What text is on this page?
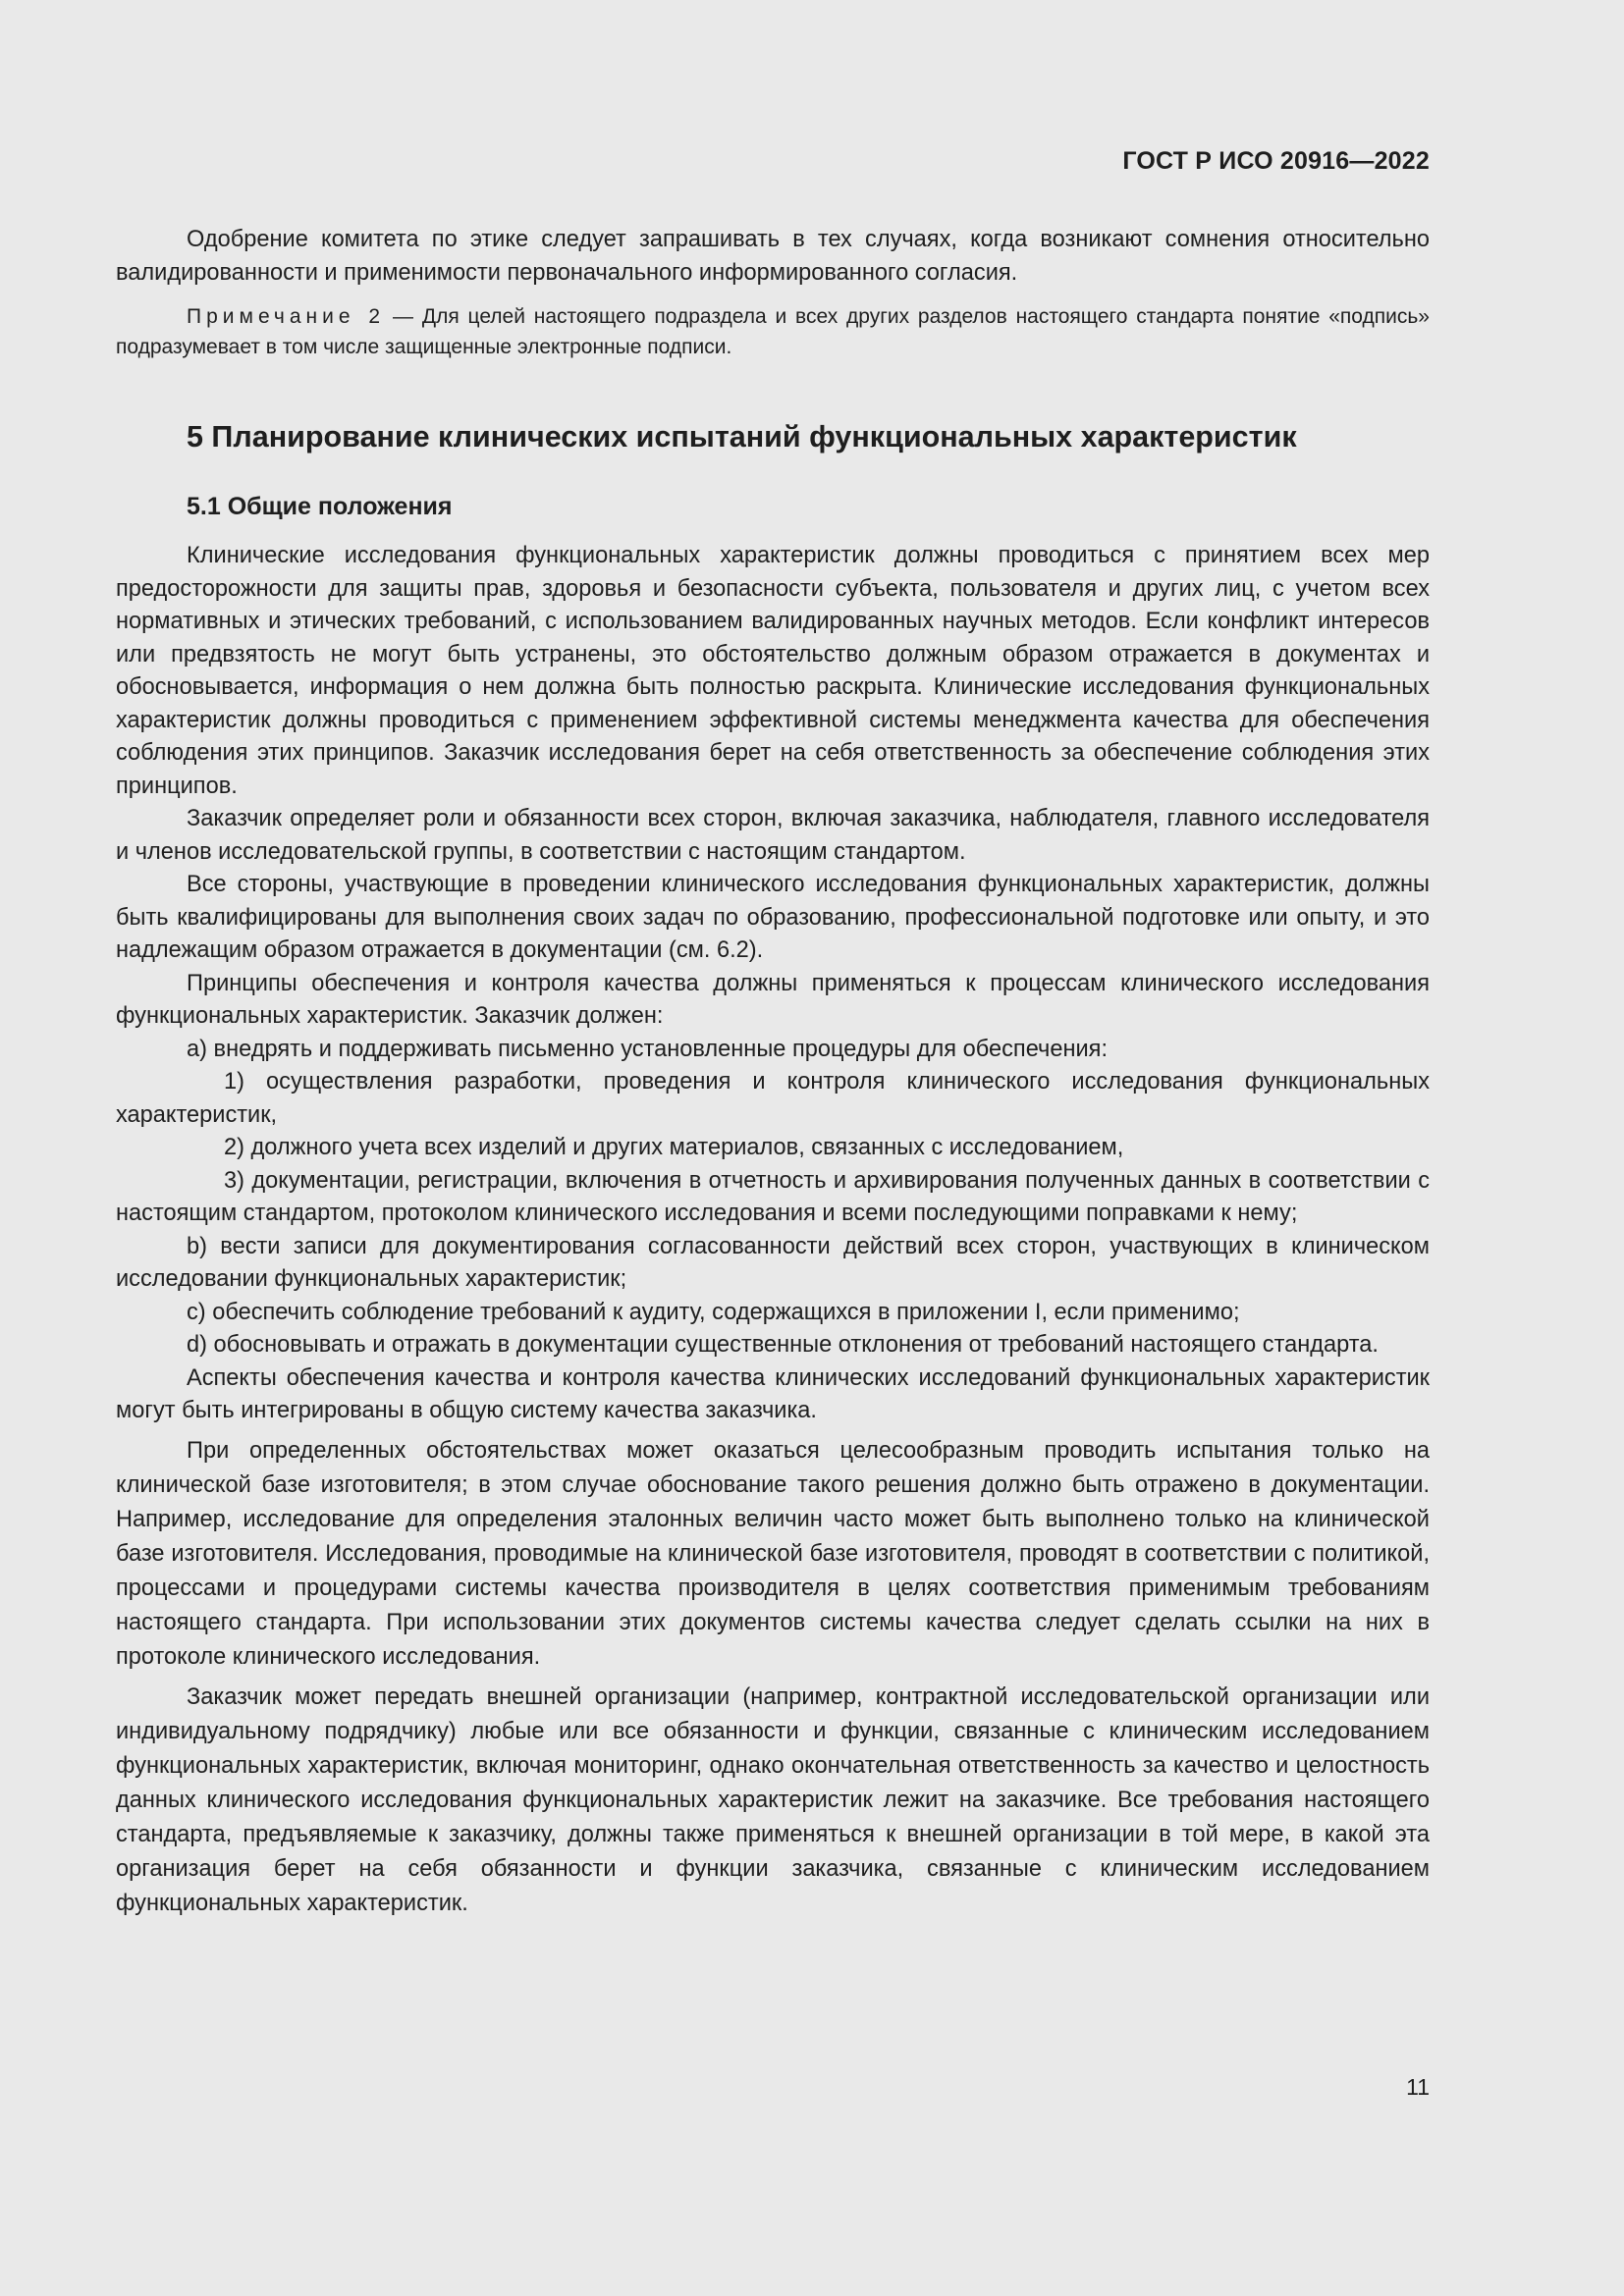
ГОСТ Р ИСО 20916—2022

Одобрение комитета по этике следует запрашивать в тех случаях, когда возникают сомнения относительно валидированности и применимости первоначального информированного согласия.

Примечание 2 — Для целей настоящего подраздела и всех других разделов настоящего стандарта понятие «подпись» подразумевает в том числе защищенные электронные подписи.

5 Планирование клинических испытаний функциональных характеристик
5.1 Общие положения

Клинические исследования функциональных характеристик должны проводиться с принятием всех мер предосторожности для защиты прав, здоровья и безопасности субъекта, пользователя и других лиц, с учетом всех нормативных и этических требований, с использованием валидированных научных методов. Если конфликт интересов или предвзятость не могут быть устранены, это обстоятельство должным образом отражается в документах и обосновывается, информация о нем должна быть полностью раскрыта. Клинические исследования функциональных характеристик должны проводиться с применением эффективной системы менеджмента качества для обеспечения соблюдения этих принципов. Заказчик исследования берет на себя ответственность за обеспечение соблюдения этих принципов.

Заказчик определяет роли и обязанности всех сторон, включая заказчика, наблюдателя, главного исследователя и членов исследовательской группы, в соответствии с настоящим стандартом.

Все стороны, участвующие в проведении клинического исследования функциональных характеристик, должны быть квалифицированы для выполнения своих задач по образованию, профессиональной подготовке или опыту, и это надлежащим образом отражается в документации (см. 6.2).

Принципы обеспечения и контроля качества должны применяться к процессам клинического исследования функциональных характеристик. Заказчик должен:

a) внедрять и поддерживать письменно установленные процедуры для обеспечения:

1) осуществления разработки, проведения и контроля клинического исследования функциональных характеристик,

2) должного учета всех изделий и других материалов, связанных с исследованием,

3) документации, регистрации, включения в отчетность и архивирования полученных данных в соответствии с настоящим стандартом, протоколом клинического исследования и всеми последующими поправками к нему;

b) вести записи для документирования согласованности действий всех сторон, участвующих в клиническом исследовании функциональных характеристик;

c) обеспечить соблюдение требований к аудиту, содержащихся в приложении I, если применимо;

d) обосновывать и отражать в документации существенные отклонения от требований настоящего стандарта.

Аспекты обеспечения качества и контроля качества клинических исследований функциональных характеристик могут быть интегрированы в общую систему качества заказчика.

При определенных обстоятельствах может оказаться целесообразным проводить испытания только на клинической базе изготовителя; в этом случае обоснование такого решения должно быть отражено в документации. Например, исследование для определения эталонных величин часто может быть выполнено только на клинической базе изготовителя. Исследования, проводимые на клинической базе изготовителя, проводят в соответствии с политикой, процессами и процедурами системы качества производителя в целях соответствия применимым требованиям настоящего стандарта. При использовании этих документов системы качества следует сделать ссылки на них в протоколе клинического исследования.

Заказчик может передать внешней организации (например, контрактной исследовательской организации или индивидуальному подрядчику) любые или все обязанности и функции, связанные с клиническим исследованием функциональных характеристик, включая мониторинг, однако окончательная ответственность за качество и целостность данных клинического исследования функциональных характеристик лежит на заказчике. Все требования настоящего стандарта, предъявляемые к заказчику, должны также применяться к внешней организации в той мере, в какой эта организация берет на себя обязанности и функции заказчика, связанные с клиническим исследованием функциональных характеристик.

11
